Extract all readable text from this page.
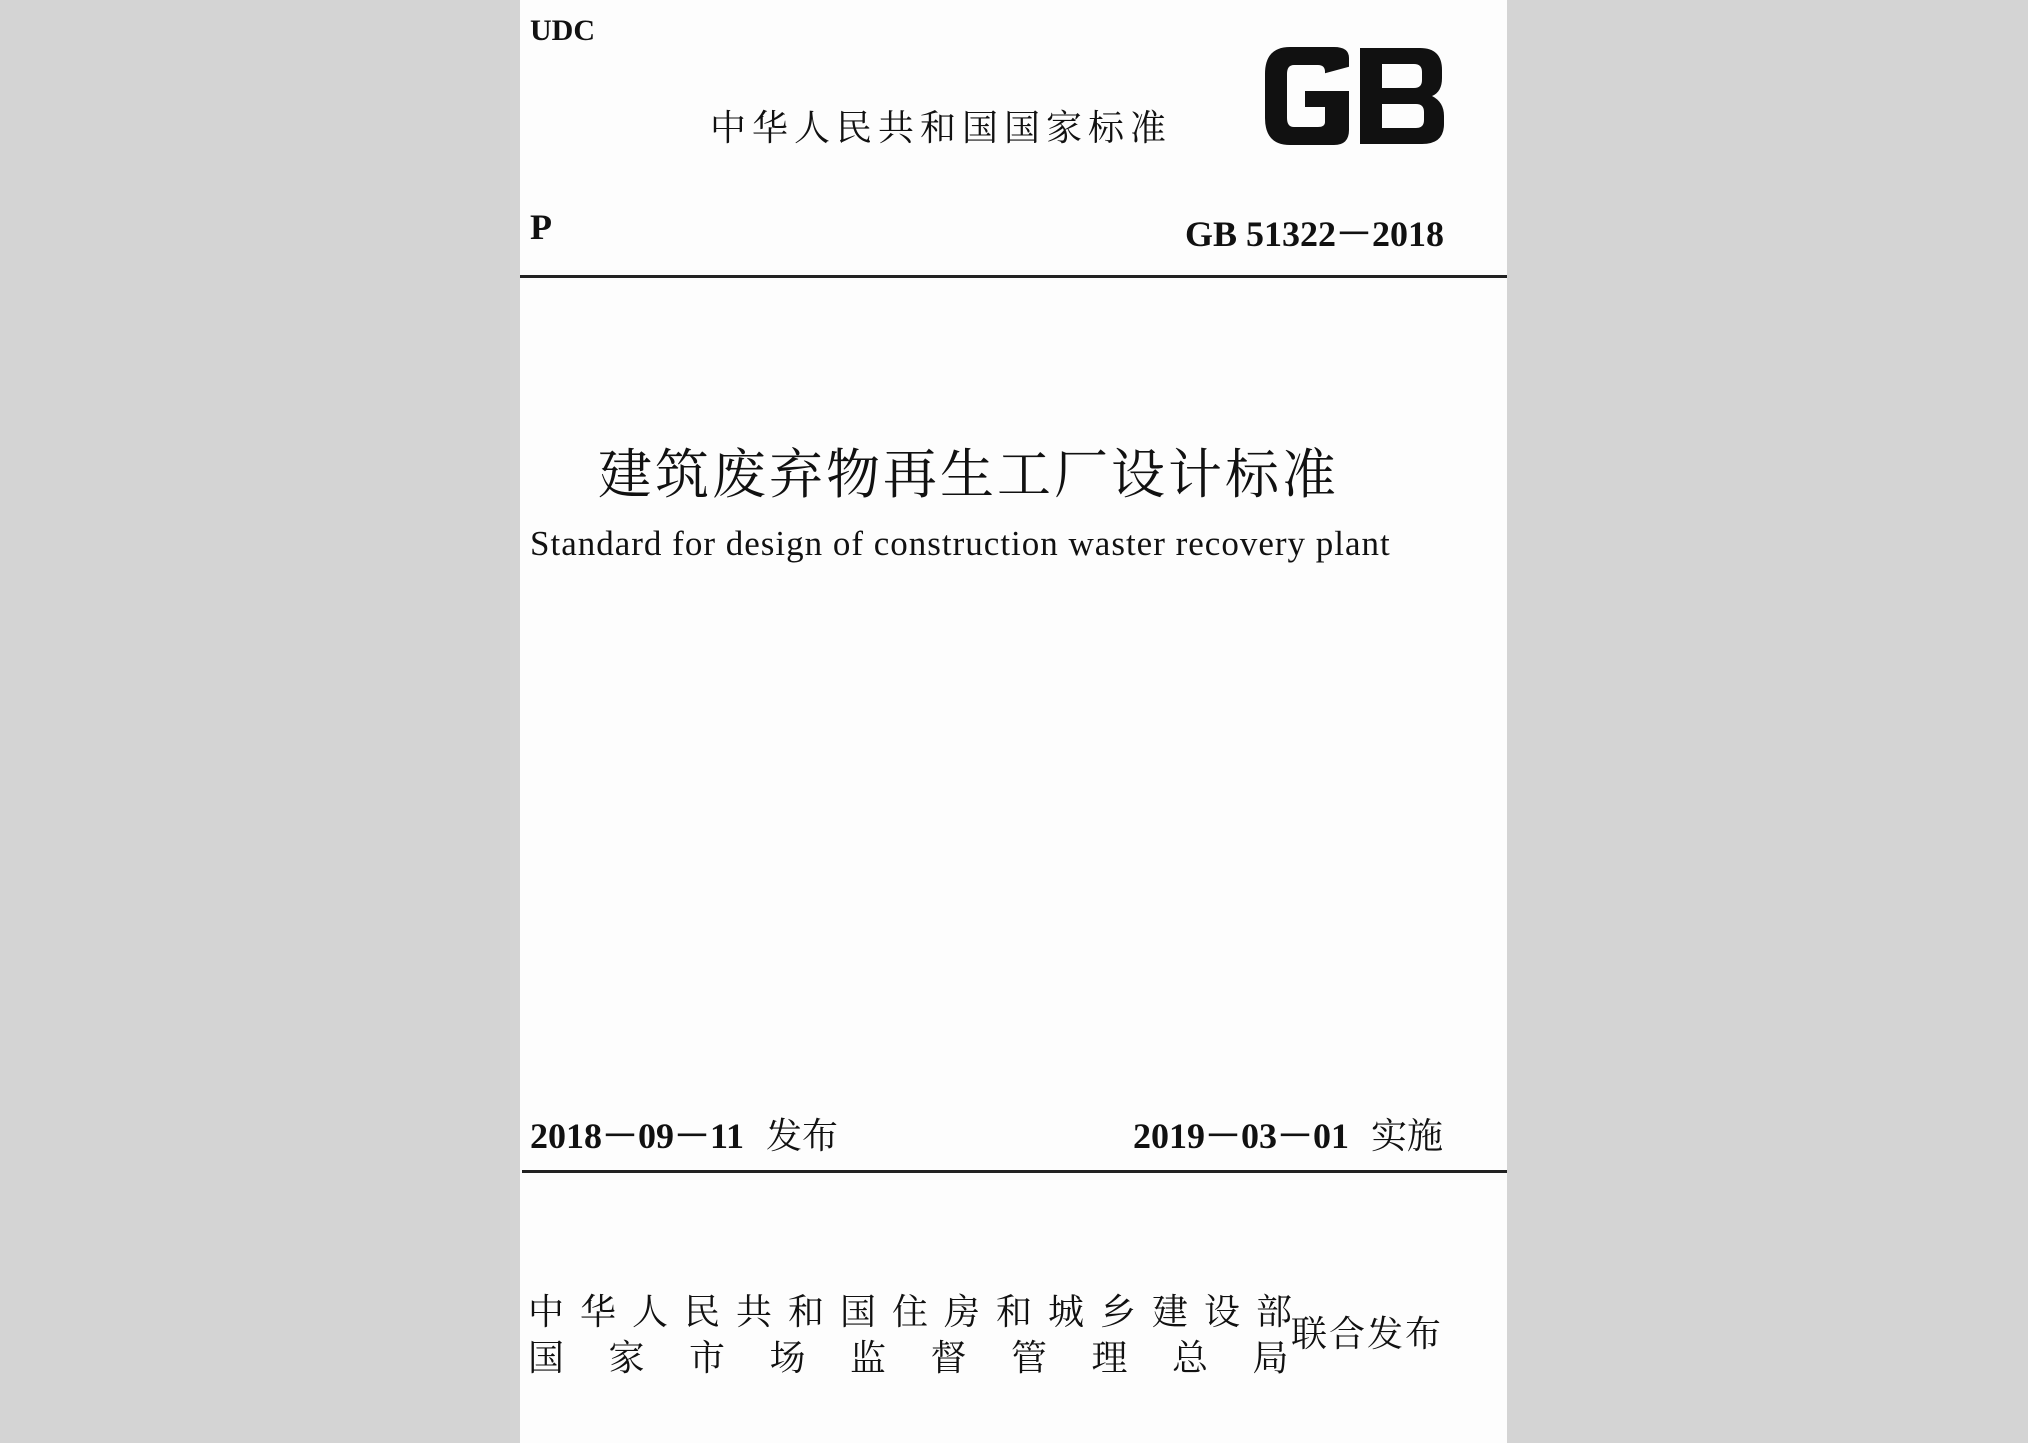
UDC
中华人民共和国国家标准
P	GB 51322－2018
建筑废弃物再生工厂设计标准
Standard for design of construction waster recovery plant
2018－09－11 发布	2019－03－01 实施
中华人民共和国住房和城乡建设部
国家市场监督管理总局
联合发布
